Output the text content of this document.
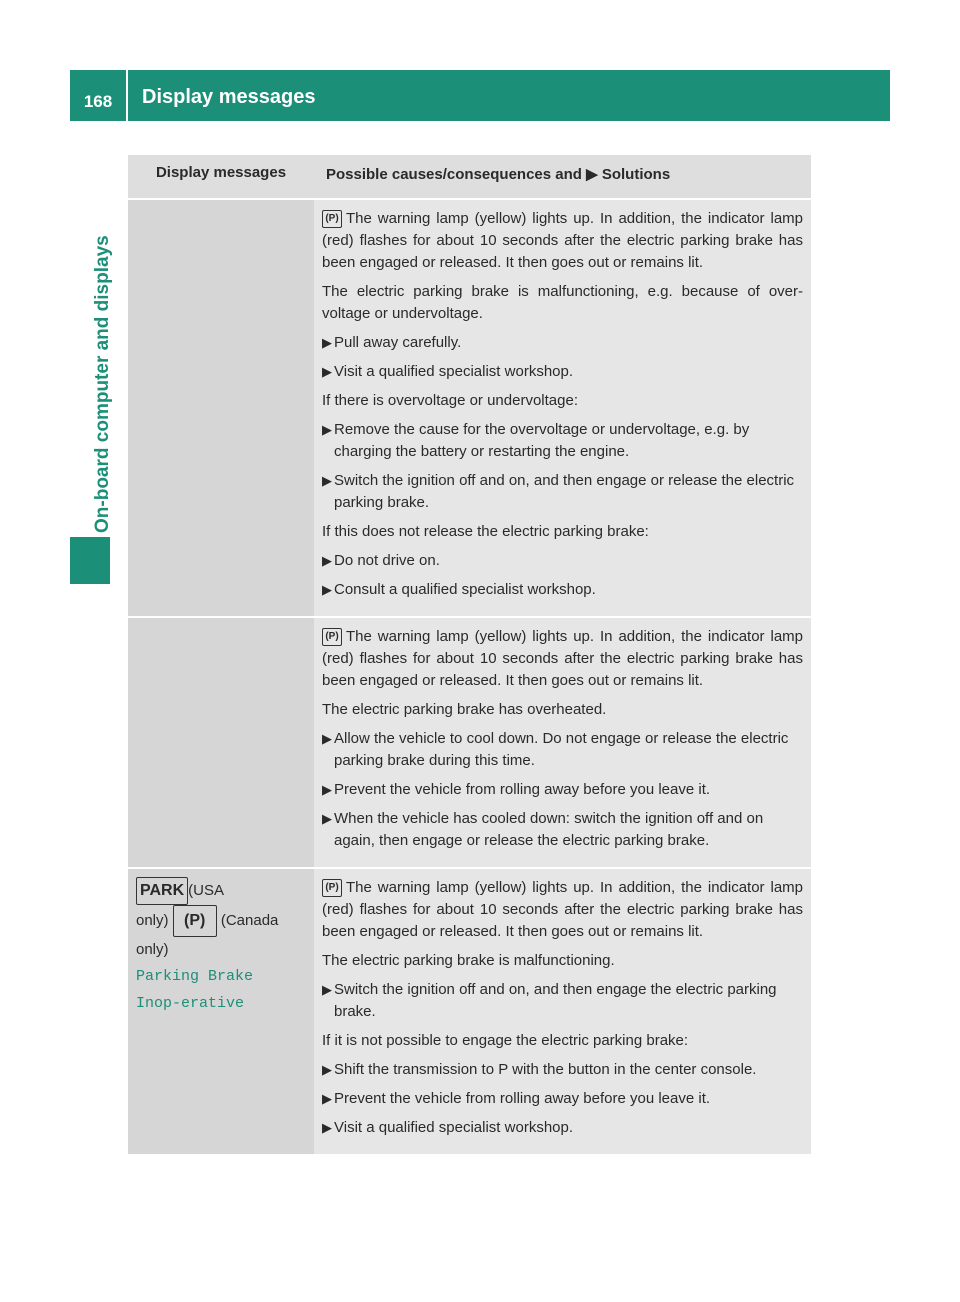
168	Display messages
On-board computer and displays
Display messages	Possible causes/consequences and ▶ Solutions
(P) The warning lamp (yellow) lights up. In addition, the indicator lamp (red) flashes for about 10 seconds after the electric parking brake has been engaged or released. It then goes out or remains lit.
The electric parking brake is malfunctioning, e.g. because of over-voltage or undervoltage.
▶ Pull away carefully.
▶ Visit a qualified specialist workshop.
If there is overvoltage or undervoltage:
▶ Remove the cause for the overvoltage or undervoltage, e.g. by charging the battery or restarting the engine.
▶ Switch the ignition off and on, and then engage or release the electric parking brake.
If this does not release the electric parking brake:
▶ Do not drive on.
▶ Consult a qualified specialist workshop.
(P) The warning lamp (yellow) lights up. In addition, the indicator lamp (red) flashes for about 10 seconds after the electric parking brake has been engaged or released. It then goes out or remains lit.
The electric parking brake has overheated.
▶ Allow the vehicle to cool down. Do not engage or release the electric parking brake during this time.
▶ Prevent the vehicle from rolling away before you leave it.
▶ When the vehicle has cooled down: switch the ignition off and on again, then engage or release the electric parking brake.
PARK (USA
only) (P) (Canada
only)
Parking Brake Inop‐erative
(P) The warning lamp (yellow) lights up. In addition, the indicator lamp (red) flashes for about 10 seconds after the electric parking brake has been engaged or released. It then goes out or remains lit.
The electric parking brake is malfunctioning.
▶ Switch the ignition off and on, and then engage the electric parking brake.
If it is not possible to engage the electric parking brake:
▶ Shift the transmission to P with the button in the center console.
▶ Prevent the vehicle from rolling away before you leave it.
▶ Visit a qualified specialist workshop.
